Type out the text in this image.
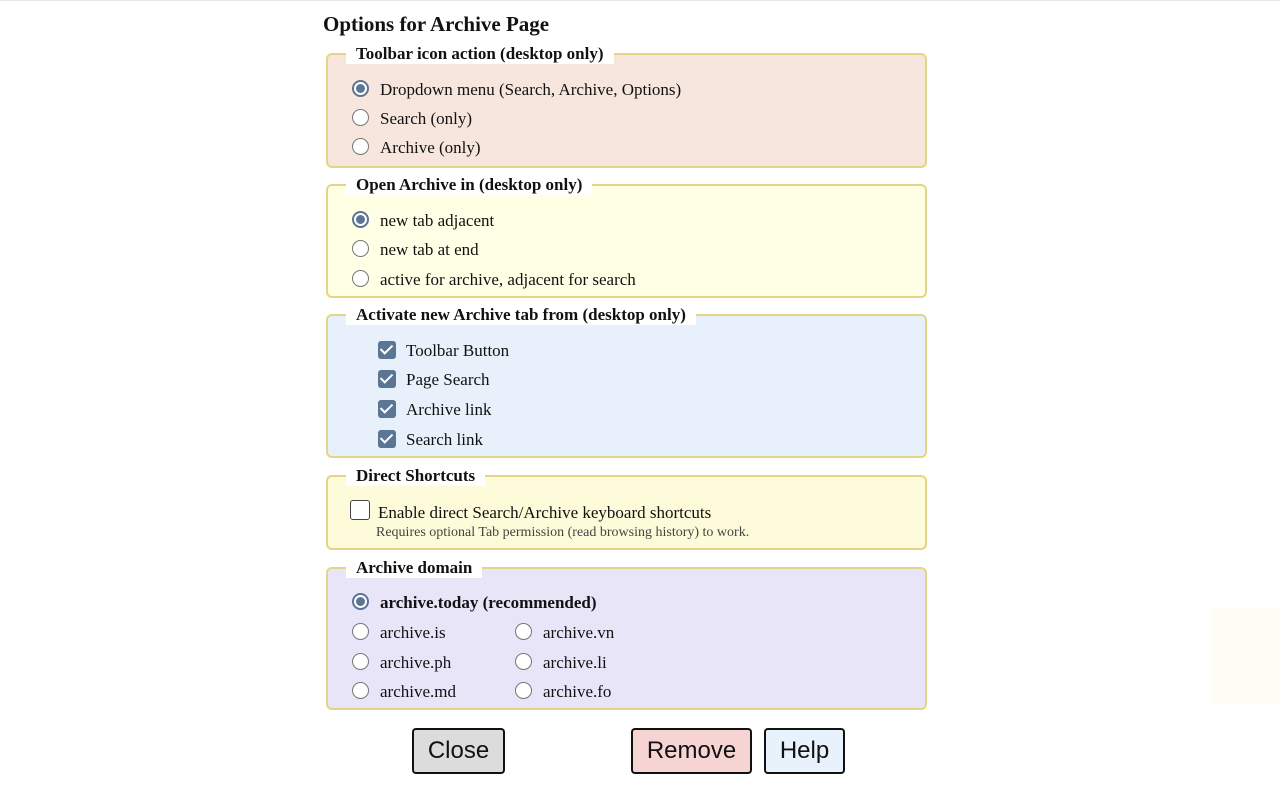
Options for Archive Page
Toolbar icon action (desktop only)
Dropdown menu (Search, Archive, Options)
Search (only)
Archive (only)
Open Archive in (desktop only)
new tab adjacent
new tab at end
active for archive, adjacent for search
Activate new Archive tab from (desktop only)
Toolbar Button
Page Search
Archive link
Search link
Direct Shortcuts
Enable direct Search/Archive keyboard shortcuts
Requires optional Tab permission (read browsing history) to work.
Archive domain
archive.today (recommended)
archive.is	archive.vn
archive.ph	archive.li
archive.md	archive.fo
Close	Remove	Help
